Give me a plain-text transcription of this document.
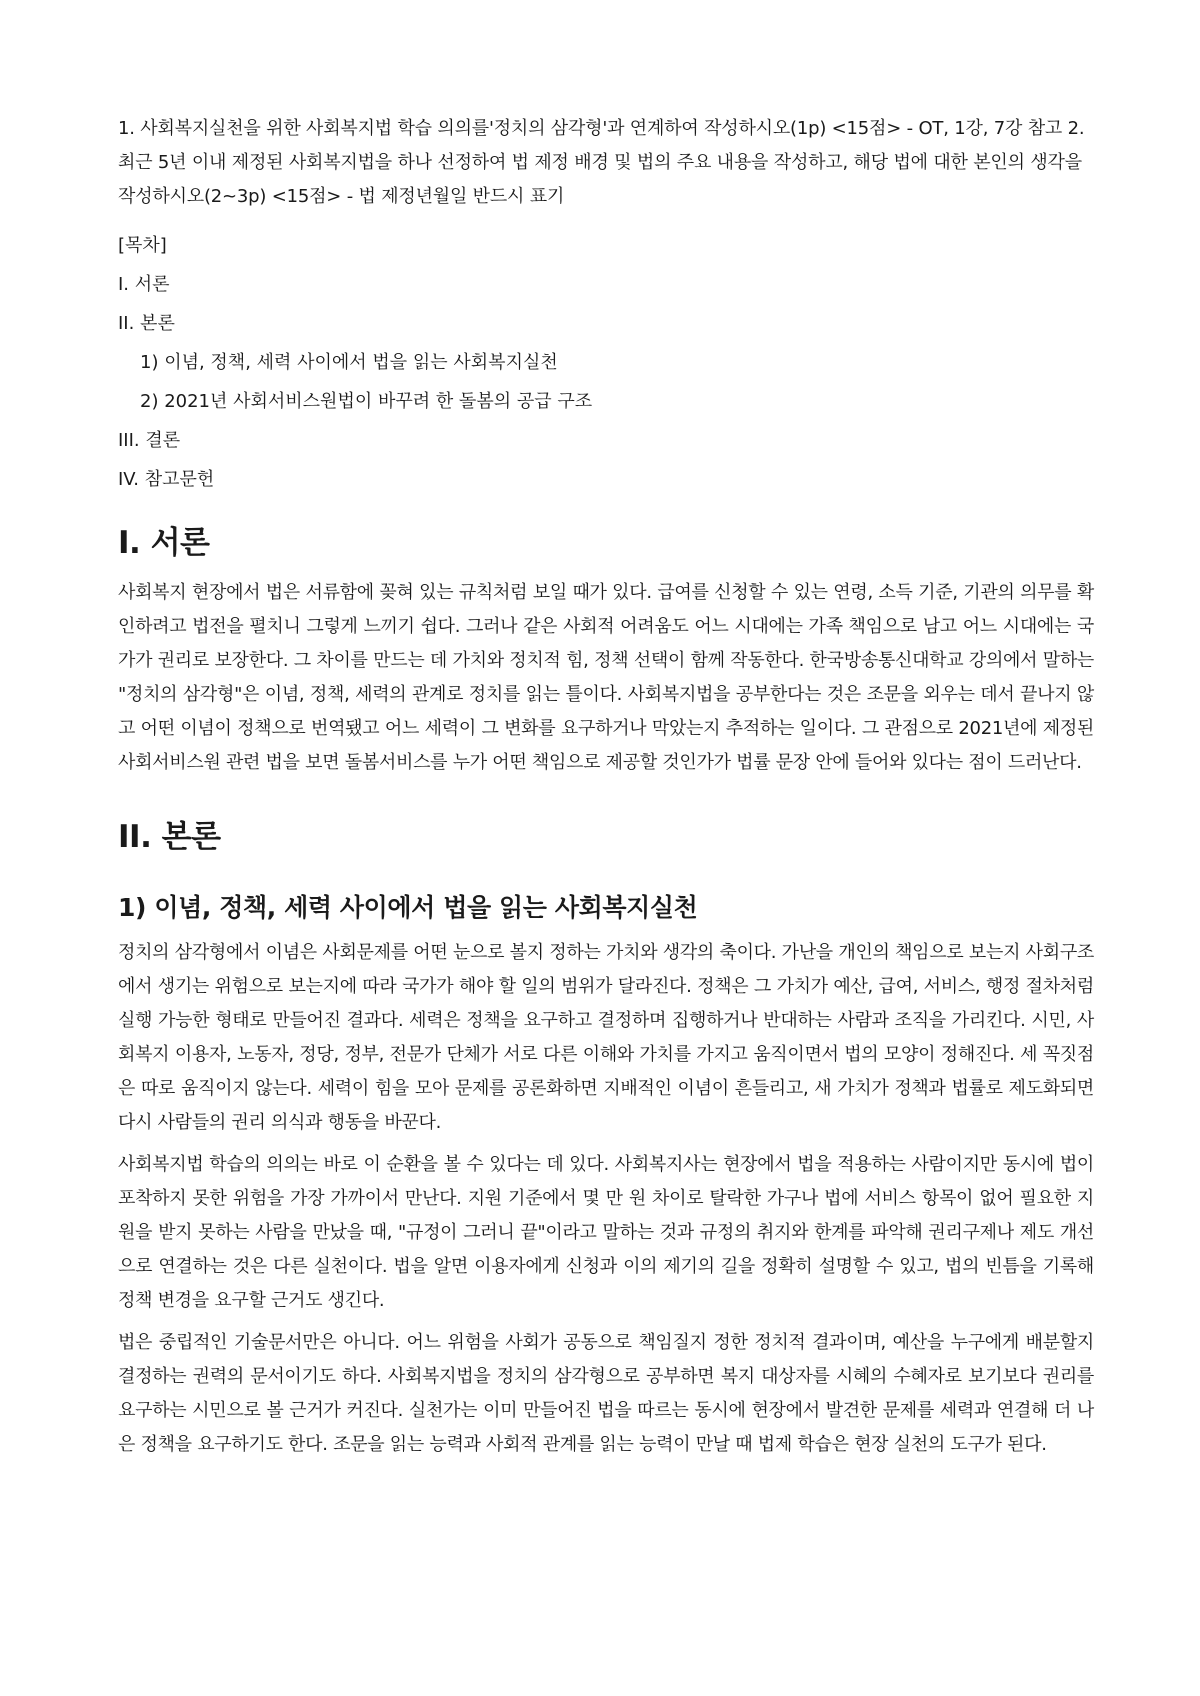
1. 사회복지실천을 위한 사회복지법 학습 의의를'정치의 삼각형'과 연계하여 작성하시오(1p) <15점> - OT, 1강, 7강 참고 2. 최근 5년 이내 제정된 사회복지법을 하나 선정하여 법 제정 배경 및 법의 주요 내용을 작성하고, 해당 법에 대한 본인의 생각을 작성하시오(2~3p) <15점> - 법 제정년월일 반드시 표기

[목차]

I. 서론
II. 본론
1) 이념, 정책, 세력 사이에서 법을 읽는 사회복지실천
2) 2021년 사회서비스원법이 바꾸려 한 돌봄의 공급 구조
III. 결론
IV. 참고문헌
I. 서론

사회복지 현장에서 법은 서류함에 꽂혀 있는 규칙처럼 보일 때가 있다. 급여를 신청할 수 있는 연령, 소득 기준, 기관의 의무를 확인하려고 법전을 펼치니 그렇게 느끼기 쉽다. 그러나 같은 사회적 어려움도 어느 시대에는 가족 책임으로 남고 어느 시대에는 국가가 권리로 보장한다. 그 차이를 만드는 데 가치와 정치적 힘, 정책 선택이 함께 작동한다. 한국방송통신대학교 강의에서 말하는 "정치의 삼각형"은 이념, 정책, 세력의 관계로 정치를 읽는 틀이다. 사회복지법을 공부한다는 것은 조문을 외우는 데서 끝나지 않고 어떤 이념이 정책으로 번역됐고 어느 세력이 그 변화를 요구하거나 막았는지 추적하는 일이다. 그 관점으로 2021년에 제정된 사회서비스원 관련 법을 보면 돌봄서비스를 누가 어떤 책임으로 제공할 것인가가 법률 문장 안에 들어와 있다는 점이 드러난다.

II. 본론
1) 이념, 정책, 세력 사이에서 법을 읽는 사회복지실천

정치의 삼각형에서 이념은 사회문제를 어떤 눈으로 볼지 정하는 가치와 생각의 축이다. 가난을 개인의 책임으로 보는지 사회구조에서 생기는 위험으로 보는지에 따라 국가가 해야 할 일의 범위가 달라진다. 정책은 그 가치가 예산, 급여, 서비스, 행정 절차처럼 실행 가능한 형태로 만들어진 결과다. 세력은 정책을 요구하고 결정하며 집행하거나 반대하는 사람과 조직을 가리킨다. 시민, 사회복지 이용자, 노동자, 정당, 정부, 전문가 단체가 서로 다른 이해와 가치를 가지고 움직이면서 법의 모양이 정해진다. 세 꼭짓점은 따로 움직이지 않는다. 세력이 힘을 모아 문제를 공론화하면 지배적인 이념이 흔들리고, 새 가치가 정책과 법률로 제도화되면 다시 사람들의 권리 의식과 행동을 바꾼다.

사회복지법 학습의 의의는 바로 이 순환을 볼 수 있다는 데 있다. 사회복지사는 현장에서 법을 적용하는 사람이지만 동시에 법이 포착하지 못한 위험을 가장 가까이서 만난다. 지원 기준에서 몇 만 원 차이로 탈락한 가구나 법에 서비스 항목이 없어 필요한 지원을 받지 못하는 사람을 만났을 때, "규정이 그러니 끝"이라고 말하는 것과 규정의 취지와 한계를 파악해 권리구제나 제도 개선으로 연결하는 것은 다른 실천이다. 법을 알면 이용자에게 신청과 이의 제기의 길을 정확히 설명할 수 있고, 법의 빈틈을 기록해 정책 변경을 요구할 근거도 생긴다.

법은 중립적인 기술문서만은 아니다. 어느 위험을 사회가 공동으로 책임질지 정한 정치적 결과이며, 예산을 누구에게 배분할지 결정하는 권력의 문서이기도 하다. 사회복지법을 정치의 삼각형으로 공부하면 복지 대상자를 시혜의 수혜자로 보기보다 권리를 요구하는 시민으로 볼 근거가 커진다. 실천가는 이미 만들어진 법을 따르는 동시에 현장에서 발견한 문제를 세력과 연결해 더 나은 정책을 요구하기도 한다. 조문을 읽는 능력과 사회적 관계를 읽는 능력이 만날 때 법제 학습은 현장 실천의 도구가 된다.
